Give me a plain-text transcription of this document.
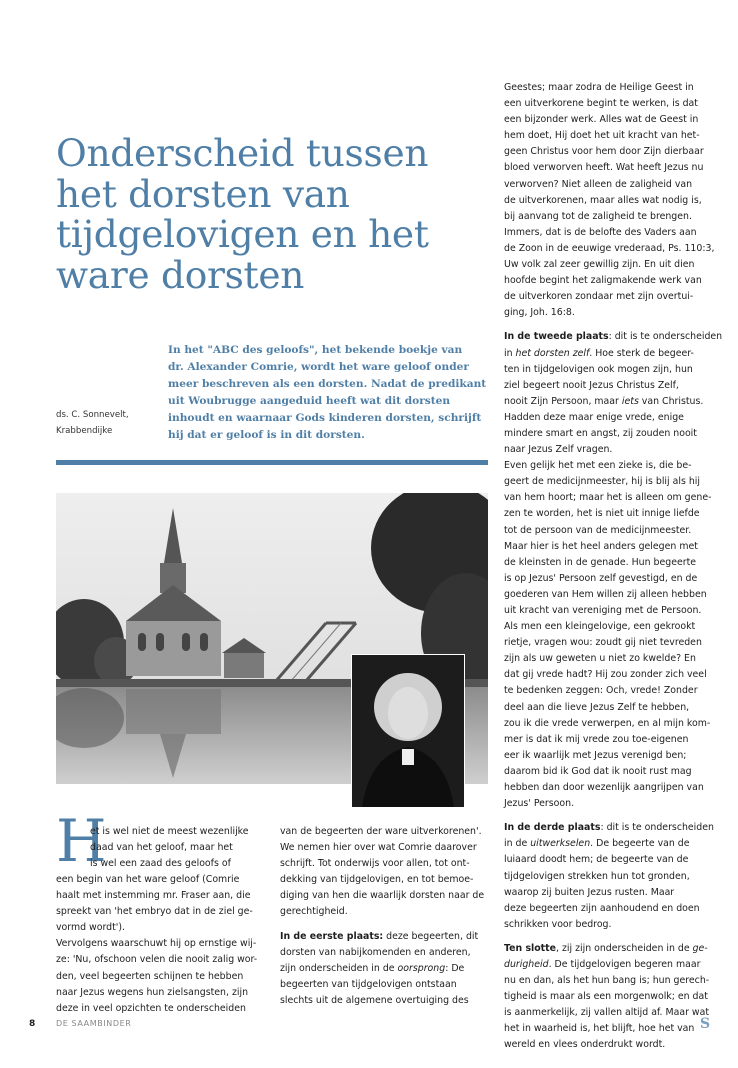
Onderscheid tussen
het dorsten van
tijdgelovigen en het
ware dorsten
ds. C. Sonnevelt,
Krabbendijke

In het "ABC des geloofs", het bekende boekje van
dr. Alexander Comrie, wordt het ware geloof onder
meer beschreven als een dorsten. Nadat de predikant
uit Woubrugge aangeduid heeft wat dit dorsten
inhoudt en waarnaar Gods kinderen dorsten, schrijft
hij dat er geloof is in dit dorsten.

H
et is wel niet de meest wezenlijke
daad van het geloof, maar het
is wel een zaad des geloofs of
een begin van het ware geloof (Comrie
haalt met instemming mr. Fraser aan, die
spreekt van 'het embryo dat in de ziel ge-
vormd wordt').
Vervolgens waarschuwt hij op ernstige wij-
ze: 'Nu, ofschoon velen die nooit zalig wor-
den, veel begeerten schijnen te hebben
naar Jezus wegens hun zielsangsten, zijn
deze in veel opzichten te onderscheiden
van de begeerten der ware uitverkorenen'.
We nemen hier over wat Comrie daarover
schrijft. Tot onderwijs voor allen, tot ont-
dekking van tijdgelovigen, en tot bemoe-
diging van hen die waarlijk dorsten naar de
gerechtigheid.
In de eerste plaats: deze begeerten, dit
dorsten van nabijkomenden en anderen,
zijn onderscheiden in de oorsprong: De
begeerten van tijdgelovigen ontstaan
slechts uit de algemene overtuiging des
Geestes; maar zodra de Heilige Geest in
een uitverkorene begint te werken, is dat
een bijzonder werk. Alles wat de Geest in
hem doet, Hij doet het uit kracht van het-
geen Christus voor hem door Zijn dierbaar
bloed verworven heeft. Wat heeft Jezus nu
verworven? Niet alleen de zaligheid van
de uitverkorenen, maar alles wat nodig is,
bij aanvang tot de zaligheid te brengen.
Immers, dat is de belofte des Vaders aan
de Zoon in de eeuwige vrederaad, Ps. 110:3,
Uw volk zal zeer gewillig zijn. En uit dien
hoofde begint het zaligmakende werk van
de uitverkoren zondaar met zijn overtui-
ging, Joh. 16:8.
In de tweede plaats: dit is te onderscheiden
in het dorsten zelf. Hoe sterk de begeer-
ten in tijdgelovigen ook mogen zijn, hun
ziel begeert nooit Jezus Christus Zelf,
nooit Zijn Persoon, maar iets van Christus.
Hadden deze maar enige vrede, enige
mindere smart en angst, zij zouden nooit
naar Jezus Zelf vragen.
Even gelijk het met een zieke is, die be-
geert de medicijnmeester, hij is blij als hij
van hem hoort; maar het is alleen om gene-
zen te worden, het is niet uit innige liefde
tot de persoon van de medicijnmeester.
Maar hier is het heel anders gelegen met
de kleinsten in de genade. Hun begeerte
is op Jezus' Persoon zelf gevestigd, en de
goederen van Hem willen zij alleen hebben
uit kracht van vereniging met de Persoon.
Als men een kleingelovige, een gekrookt
rietje, vragen wou: zoudt gij niet tevreden
zijn als uw geweten u niet zo kwelde? En
dat gij vrede hadt? Hij zou zonder zich veel
te bedenken zeggen: Och, vrede! Zonder
deel aan die lieve Jezus Zelf te hebben,
zou ik die vrede verwerpen, en al mijn kom-
mer is dat ik mij vrede zou toe-eigenen
eer ik waarlijk met Jezus verenigd ben;
daarom bid ik God dat ik nooit rust mag
hebben dan door wezenlijk aangrijpen van
Jezus' Persoon.
In de derde plaats: dit is te onderscheiden
in de uitwerkselen. De begeerte van de
luiaard doodt hem; de begeerte van de
tijdgelovigen strekken hun tot gronden,
waarop zij buiten Jezus rusten. Maar
deze begeerten zijn aanhoudend en doen
schrikken voor bedrog.
Ten slotte, zij zijn onderscheiden in de ge-
durigheid. De tijdgelovigen begeren maar
nu en dan, als het hun bang is; hun gerech-
tigheid is maar als een morgenwolk; en dat
is aanmerkelijk, zij vallen altijd af. Maar wat
het in waarheid is, het blijft, hoe het van
wereld en vlees onderdrukt wordt.
S
8	DE SAAMBINDER
